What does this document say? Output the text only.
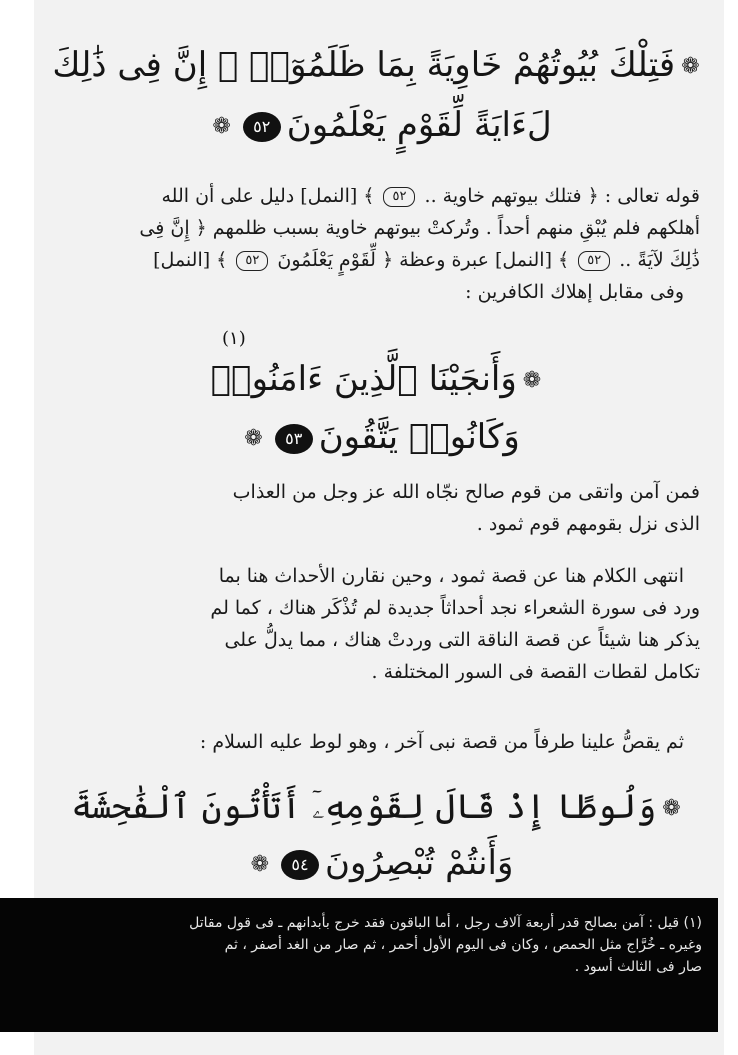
❁فَتِلْكَ بُيُوتُهُمْ خَاوِيَةً بِمَا ظَلَمُوٓا۟ ۚ إِنَّ فِى ذَٰلِكَ
لَءَايَةً لِّقَوْمٍ يَعْلَمُونَ٥٢❁
قوله تعالى : ﴿ فتلك بيوتهم خاوية .. ٥٢ ﴾ [النمل] دليل على أن الله
أهلكهم فلم يُبْقِ منهم أحداً . وتُركتْ بيوتهم خاوية بسبب ظلمهم ﴿ إِنَّ فِى
ذَٰلِكَ لآيَةً .. ٥٢ ﴾ [النمل] عبرة وعظة ﴿ لِّقَوْمٍ يَعْلَمُونَ ٥٢ ﴾ [النمل]
وفى مقابل إهلاك الكافرين :
(١)
❁وَأَنجَيْنَا ٱلَّذِينَ ءَامَنُوا۟
وَكَانُوا۟ يَتَّقُونَ٥٣❁
فمن آمن واتقى من قوم صالح نجّاه الله عز وجل من العذاب
الذى نزل بقومهم قوم ثمود .
انتهى الكلام هنا عن قصة ثمود ، وحين نقارن الأحداث هنا بما
ورد فى سورة الشعراء نجد أحداثاً جديدة لم تُذْكَر هناك ، كما لم
يذكر هنا شيئاً عن قصة الناقة التى وردتْ هناك ، مما يدلُّ على
تكامل لقطات القصة فى السور المختلفة .
ثم يقصُّ علينا طرفاً من قصة نبى آخر ، وهو لوط عليه السلام :
❁وَلُوطًا إِذْ قَالَ لِقَوْمِهِۦٓ أَتَأْتُونَ ٱلْفَٰحِشَةَ
وَأَنتُمْ تُبْصِرُونَ٥٤❁
(١) قيل : آمن بصالح قدر أربعة آلاف رجل ، أما الباقون فقد خرج بأبدانهم ـ فى قول مقاتل
وغيره ـ خُرَّاج مثل الحمص ، وكان فى اليوم الأول أحمر ، ثم صار من الغد أصفر ، ثم
صار فى الثالث أسود .
